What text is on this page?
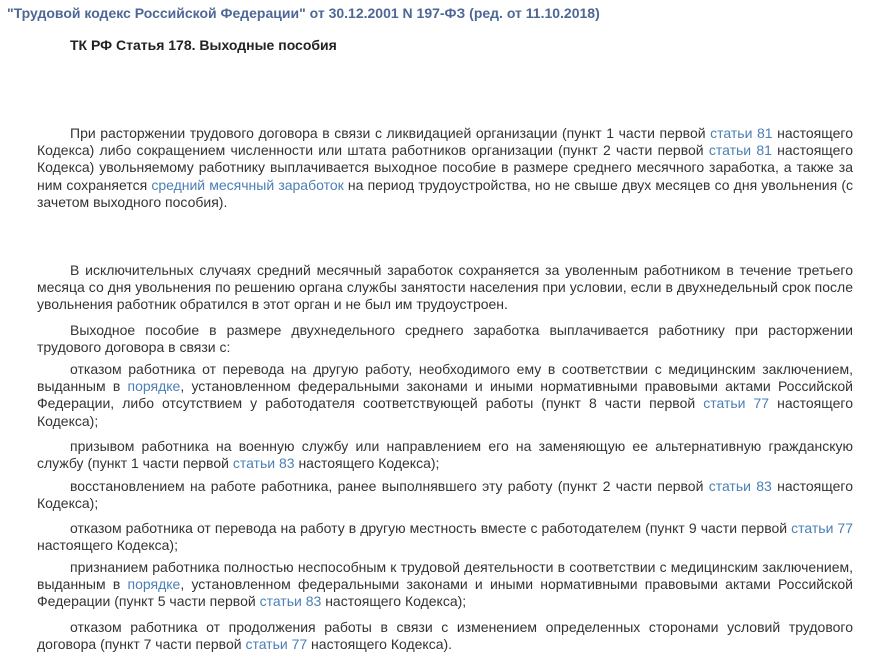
"Трудовой кодекс Российской Федерации" от 30.12.2001 N 197-ФЗ (ред. от 11.10.2018)
ТК РФ Статья 178. Выходные пособия

При расторжении трудового договора в связи с ликвидацией организации (пункт 1 части первой статьи 81 настоящего Кодекса) либо сокращением численности или штата работников организации (пункт 2 части первой статьи 81 настоящего Кодекса) увольняемому работнику выплачивается выходное пособие в размере среднего месячного заработка, а также за ним сохраняется средний месячный заработок на период трудоустройства, но не свыше двух месяцев со дня увольнения (с зачетом выходного пособия).

В исключительных случаях средний месячный заработок сохраняется за уволенным работником в течение третьего месяца со дня увольнения по решению органа службы занятости населения при условии, если в двухнедельный срок после увольнения работник обратился в этот орган и не был им трудоустроен.

Выходное пособие в размере двухнедельного среднего заработка выплачивается работнику при расторжении трудового договора в связи с:

отказом работника от перевода на другую работу, необходимого ему в соответствии с медицинским заключением, выданным в порядке, установленном федеральными законами и иными нормативными правовыми актами Российской Федерации, либо отсутствием у работодателя соответствующей работы (пункт 8 части первой статьи 77 настоящего Кодекса);

призывом работника на военную службу или направлением его на заменяющую ее альтернативную гражданскую службу (пункт 1 части первой статьи 83 настоящего Кодекса);

восстановлением на работе работника, ранее выполнявшего эту работу (пункт 2 части первой статьи 83 настоящего Кодекса);

отказом работника от перевода на работу в другую местность вместе с работодателем (пункт 9 части первой статьи 77 настоящего Кодекса);

признанием работника полностью неспособным к трудовой деятельности в соответствии с медицинским заключением, выданным в порядке, установленном федеральными законами и иными нормативными правовыми актами Российской Федерации (пункт 5 части первой статьи 83 настоящего Кодекса);

отказом работника от продолжения работы в связи с изменением определенных сторонами условий трудового договора (пункт 7 части первой статьи 77 настоящего Кодекса).
